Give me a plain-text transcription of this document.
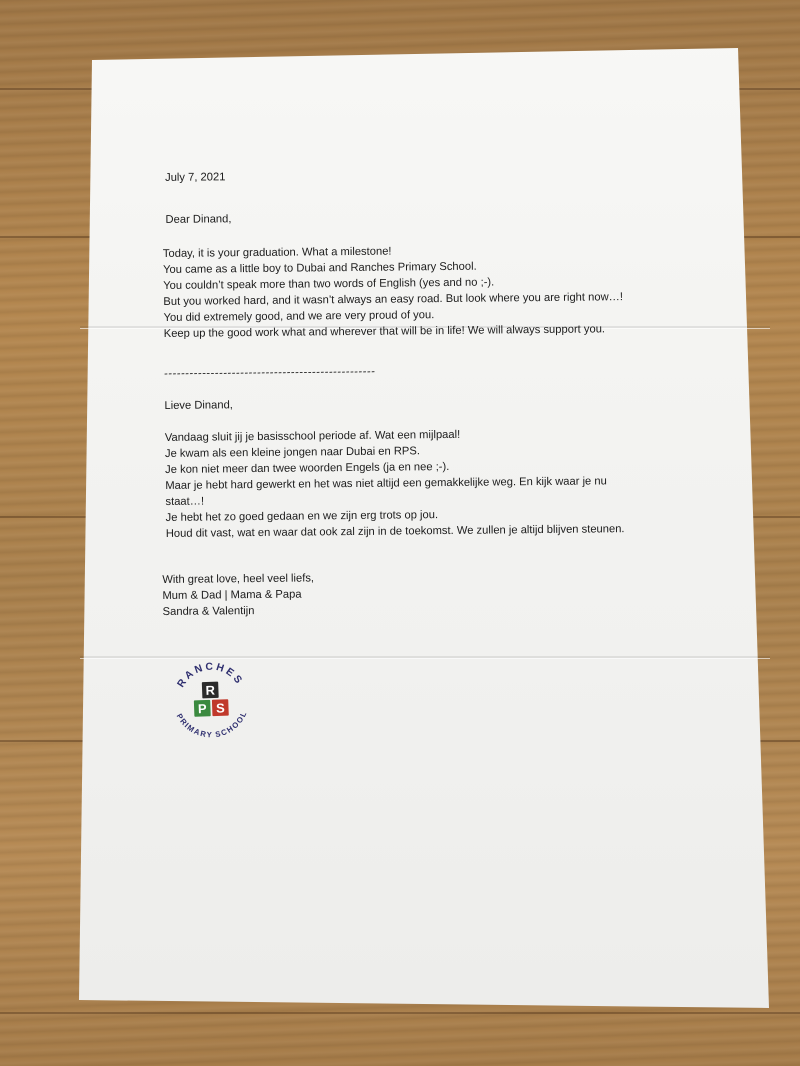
July 7, 2021

Dear Dinand,

Today, it is your graduation. What a milestone!

You came as a little boy to Dubai and Ranches Primary School.

You couldn’t speak more than two words of English (yes and no ;-).

But you worked hard, and it wasn’t always an easy road. But look where you are right now…!

You did extremely good, and we are very proud of you.

Keep up the good work what and wherever that will be in life! We will always support you.

--------------------------------------------------

Lieve Dinand,

Vandaag sluit jij je basisschool periode af. Wat een mijlpaal!

Je kwam als een kleine jongen naar Dubai en RPS.

Je kon niet meer dan twee woorden Engels (ja en nee ;-).

Maar je hebt hard gewerkt en het was niet altijd een gemakkelijke weg. En kijk waar je nu

staat…!

Je hebt het zo goed gedaan en we zijn erg trots op jou.

Houd dit vast, wat en waar dat ook zal zijn in de toekomst. We zullen je altijd blijven steunen.

With great love, heel veel liefs,

Mum & Dad | Mama & Papa

Sandra & Valentijn

RANCHES
PRIMARY SCHOOL
R
P S
